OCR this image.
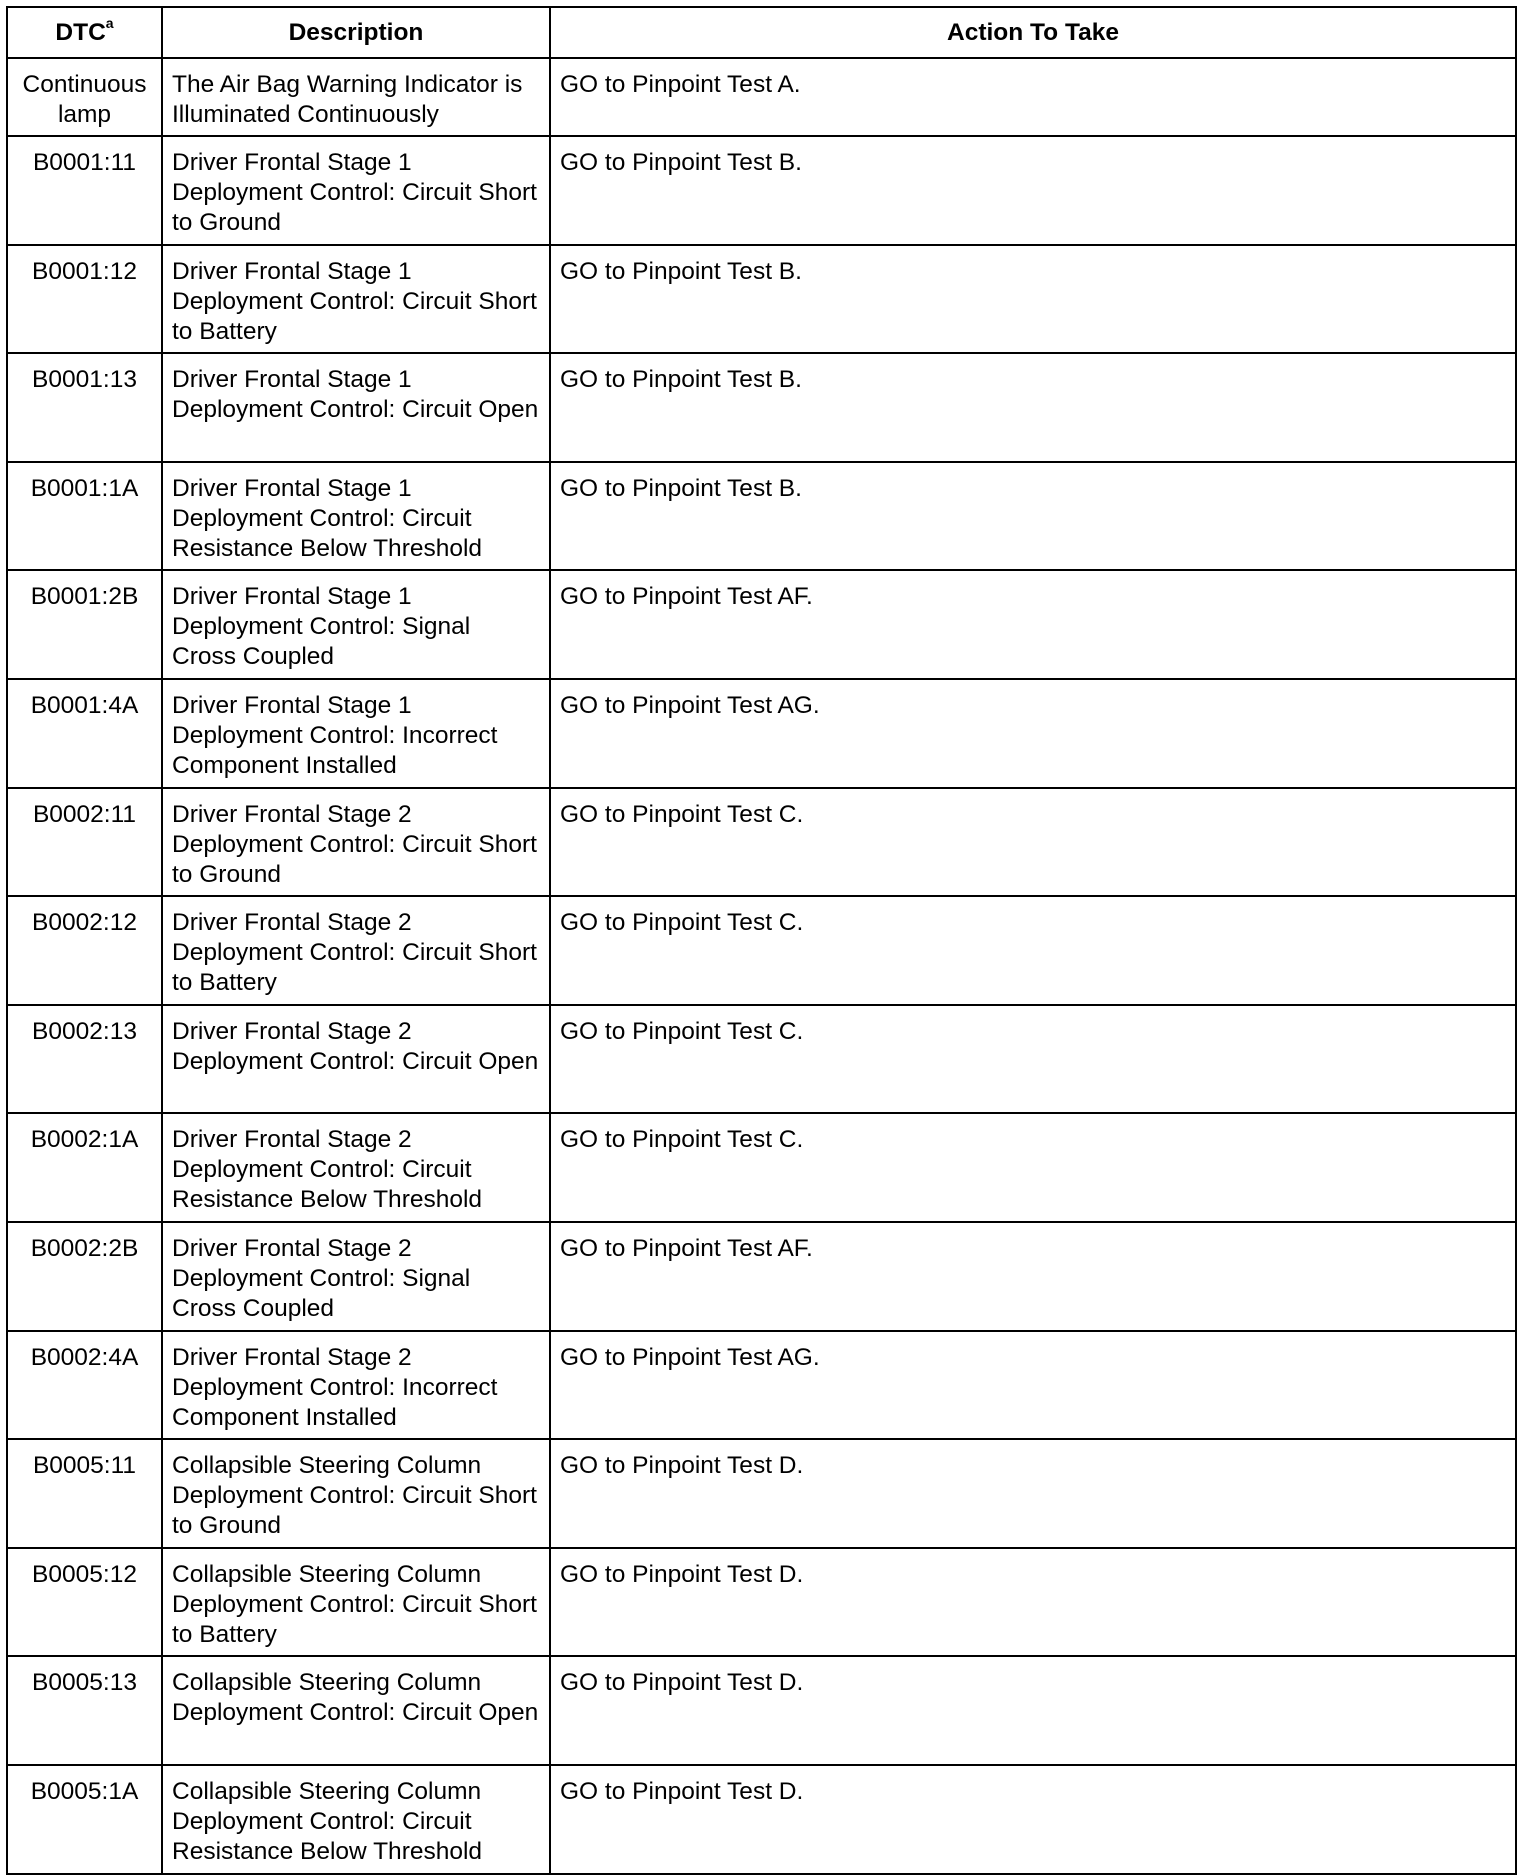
DTC$^a$	Description	Action To Take
Continuous lamp	The Air Bag Warning Indicator is Illuminated Continuously	GO to Pinpoint Test A.
B0001:11	Driver Frontal Stage 1 Deployment Control: Circuit Short to Ground	GO to Pinpoint Test B.
B0001:12	Driver Frontal Stage 1 Deployment Control: Circuit Short to Battery	GO to Pinpoint Test B.
B0001:13	Driver Frontal Stage 1 Deployment Control: Circuit Open	GO to Pinpoint Test B.
B0001:1A	Driver Frontal Stage 1 Deployment Control: Circuit Resistance Below Threshold	GO to Pinpoint Test B.
B0001:2B	Driver Frontal Stage 1 Deployment Control: Signal Cross Coupled	GO to Pinpoint Test AF.
B0001:4A	Driver Frontal Stage 1 Deployment Control: Incorrect Component Installed	GO to Pinpoint Test AG.
B0002:11	Driver Frontal Stage 2 Deployment Control: Circuit Short to Ground	GO to Pinpoint Test C.
B0002:12	Driver Frontal Stage 2 Deployment Control: Circuit Short to Battery	GO to Pinpoint Test C.
B0002:13	Driver Frontal Stage 2 Deployment Control: Circuit Open	GO to Pinpoint Test C.
B0002:1A	Driver Frontal Stage 2 Deployment Control: Circuit Resistance Below Threshold	GO to Pinpoint Test C.
B0002:2B	Driver Frontal Stage 2 Deployment Control: Signal Cross Coupled	GO to Pinpoint Test AF.
B0002:4A	Driver Frontal Stage 2 Deployment Control: Incorrect Component Installed	GO to Pinpoint Test AG.
B0005:11	Collapsible Steering Column Deployment Control: Circuit Short to Ground	GO to Pinpoint Test D.
B0005:12	Collapsible Steering Column Deployment Control: Circuit Short to Battery	GO to Pinpoint Test D.
B0005:13	Collapsible Steering Column Deployment Control: Circuit Open	GO to Pinpoint Test D.
B0005:1A	Collapsible Steering Column Deployment Control: Circuit Resistance Below Threshold	GO to Pinpoint Test D.
